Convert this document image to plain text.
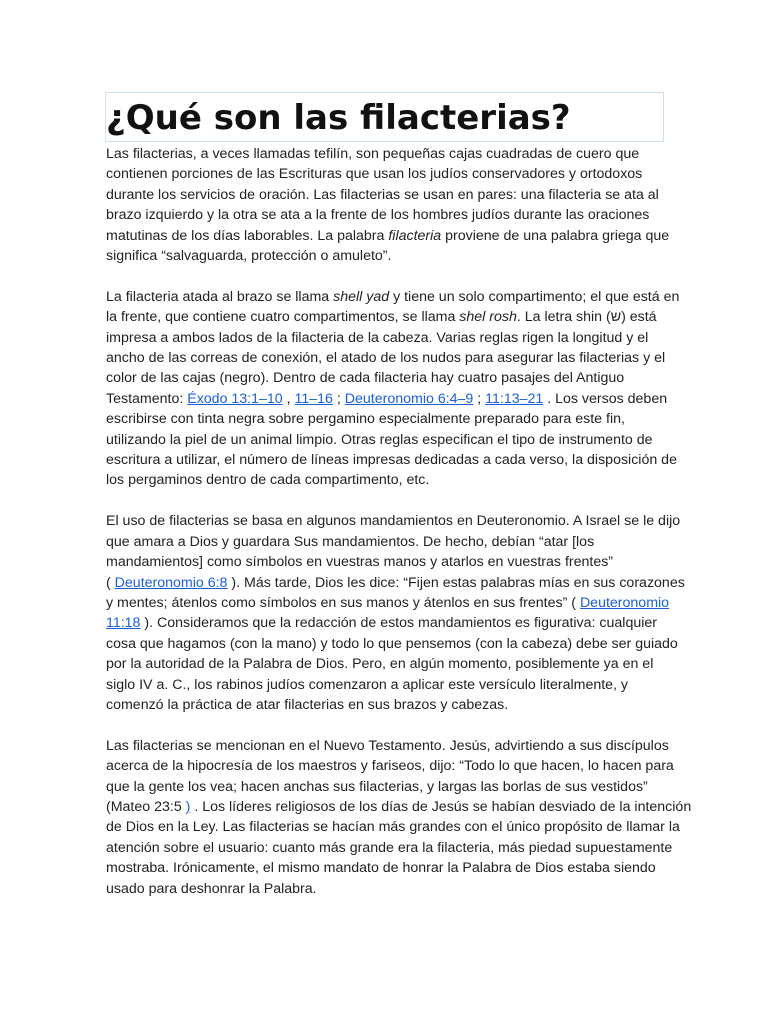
¿Qué son las filacterias?

Las filacterias, a veces llamadas tefilín, son pequeñas cajas cuadradas de cuero que
contienen porciones de las Escrituras que usan los judíos conservadores y ortodoxos
durante los servicios de oración. Las filacterias se usan en pares: una filacteria se ata al
brazo izquierdo y la otra se ata a la frente de los hombres judíos durante las oraciones
matutinas de los días laborables. La palabra filacteria proviene de una palabra griega que
significa “salvaguarda, protección o amuleto”.

La filacteria atada al brazo se llama shell yad y tiene un solo compartimento; el que está en
la frente, que contiene cuatro compartimentos, se llama shel rosh. La letra shin (ש) está
impresa a ambos lados de la filacteria de la cabeza. Varias reglas rigen la longitud y el
ancho de las correas de conexión, el atado de los nudos para asegurar las filacterias y el
color de las cajas (negro). Dentro de cada filacteria hay cuatro pasajes del Antiguo
Testamento: Éxodo 13:1–10 , 11–16 ; Deuteronomio 6:4–9 ; 11:13–21 . Los versos deben
escribirse con tinta negra sobre pergamino especialmente preparado para este fin,
utilizando la piel de un animal limpio. Otras reglas especifican el tipo de instrumento de
escritura a utilizar, el número de líneas impresas dedicadas a cada verso, la disposición de
los pergaminos dentro de cada compartimento, etc.

El uso de filacterias se basa en algunos mandamientos en Deuteronomio. A Israel se le dijo
que amara a Dios y guardara Sus mandamientos. De hecho, debían “atar [los
mandamientos] como símbolos en vuestras manos y atarlos en vuestras frentes”
( Deuteronomio 6:8 ). Más tarde, Dios les dice: “Fijen estas palabras mías en sus corazones
y mentes; átenlos como símbolos en sus manos y átenlos en sus frentes” ( Deuteronomio
11:18 ). Consideramos que la redacción de estos mandamientos es figurativa: cualquier
cosa que hagamos (con la mano) y todo lo que pensemos (con la cabeza) debe ser guiado
por la autoridad de la Palabra de Dios. Pero, en algún momento, posiblemente ya en el
siglo IV a. C., los rabinos judíos comenzaron a aplicar este versículo literalmente, y
comenzó la práctica de atar filacterias en sus brazos y cabezas.

Las filacterias se mencionan en el Nuevo Testamento. Jesús, advirtiendo a sus discípulos
acerca de la hipocresía de los maestros y fariseos, dijo: “Todo lo que hacen, lo hacen para
que la gente los vea; hacen anchas sus filacterias, y largas las borlas de sus vestidos”
(Mateo 23:5 ) . Los líderes religiosos de los días de Jesús se habían desviado de la intención
de Dios en la Ley. Las filacterias se hacían más grandes con el único propósito de llamar la
atención sobre el usuario: cuanto más grande era la filacteria, más piedad supuestamente
mostraba. Irónicamente, el mismo mandato de honrar la Palabra de Dios estaba siendo
usado para deshonrar la Palabra.
